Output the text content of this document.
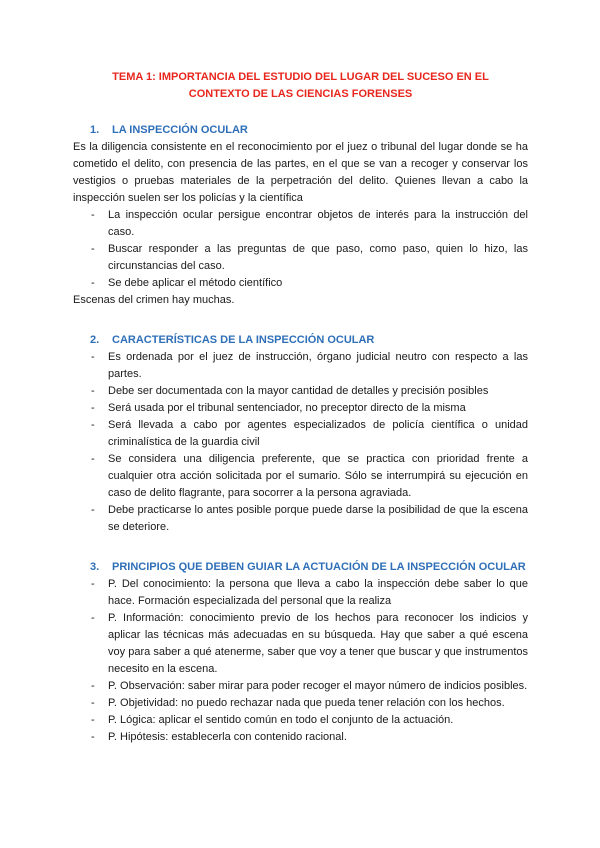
TEMA 1: IMPORTANCIA DEL ESTUDIO DEL LUGAR DEL SUCESO EN EL CONTEXTO DE LAS CIENCIAS FORENSES
1. LA INSPECCIÓN OCULAR

Es la diligencia consistente en el reconocimiento por el juez o tribunal del lugar donde se ha cometido el delito, con presencia de las partes, en el que se van a recoger y conservar los vestigios o pruebas materiales de la perpetración del delito. Quienes llevan a cabo la inspección suelen ser los policías y la científica

- La inspección ocular persigue encontrar objetos de interés para la instrucción del caso.
- Buscar responder a las preguntas de que paso, como paso, quien lo hizo, las circunstancias del caso.
- Se debe aplicar el método científico

Escenas del crimen hay muchas.

2. CARACTERÍSTICAS DE LA INSPECCIÓN OCULAR
- Es ordenada por el juez de instrucción, órgano judicial neutro con respecto a las partes.
- Debe ser documentada con la mayor cantidad de detalles y precisión posibles
- Será usada por el tribunal sentenciador, no preceptor directo de la misma
- Será llevada a cabo por agentes especializados de policía científica o unidad criminalística de la guardia civil
- Se considera una diligencia preferente, que se practica con prioridad frente a cualquier otra acción solicitada por el sumario. Sólo se interrumpirá su ejecución en caso de delito flagrante, para socorrer a la persona agraviada.
- Debe practicarse lo antes posible porque puede darse la posibilidad de que la escena se deteriore.
3. PRINCIPIOS QUE DEBEN GUIAR LA ACTUACIÓN DE LA INSPECCIÓN OCULAR
- P. Del conocimiento: la persona que lleva a cabo la inspección debe saber lo que hace. Formación especializada del personal que la realiza
- P. Información: conocimiento previo de los hechos para reconocer los indicios y aplicar las técnicas más adecuadas en su búsqueda. Hay que saber a qué escena voy para saber a qué atenerme, saber que voy a tener que buscar y que instrumentos necesito en la escena.
- P. Observación: saber mirar para poder recoger el mayor número de indicios posibles.
- P. Objetividad: no puedo rechazar nada que pueda tener relación con los hechos.
- P. Lógica: aplicar el sentido común en todo el conjunto de la actuación.
- P. Hipótesis: establecerla con contenido racional.
